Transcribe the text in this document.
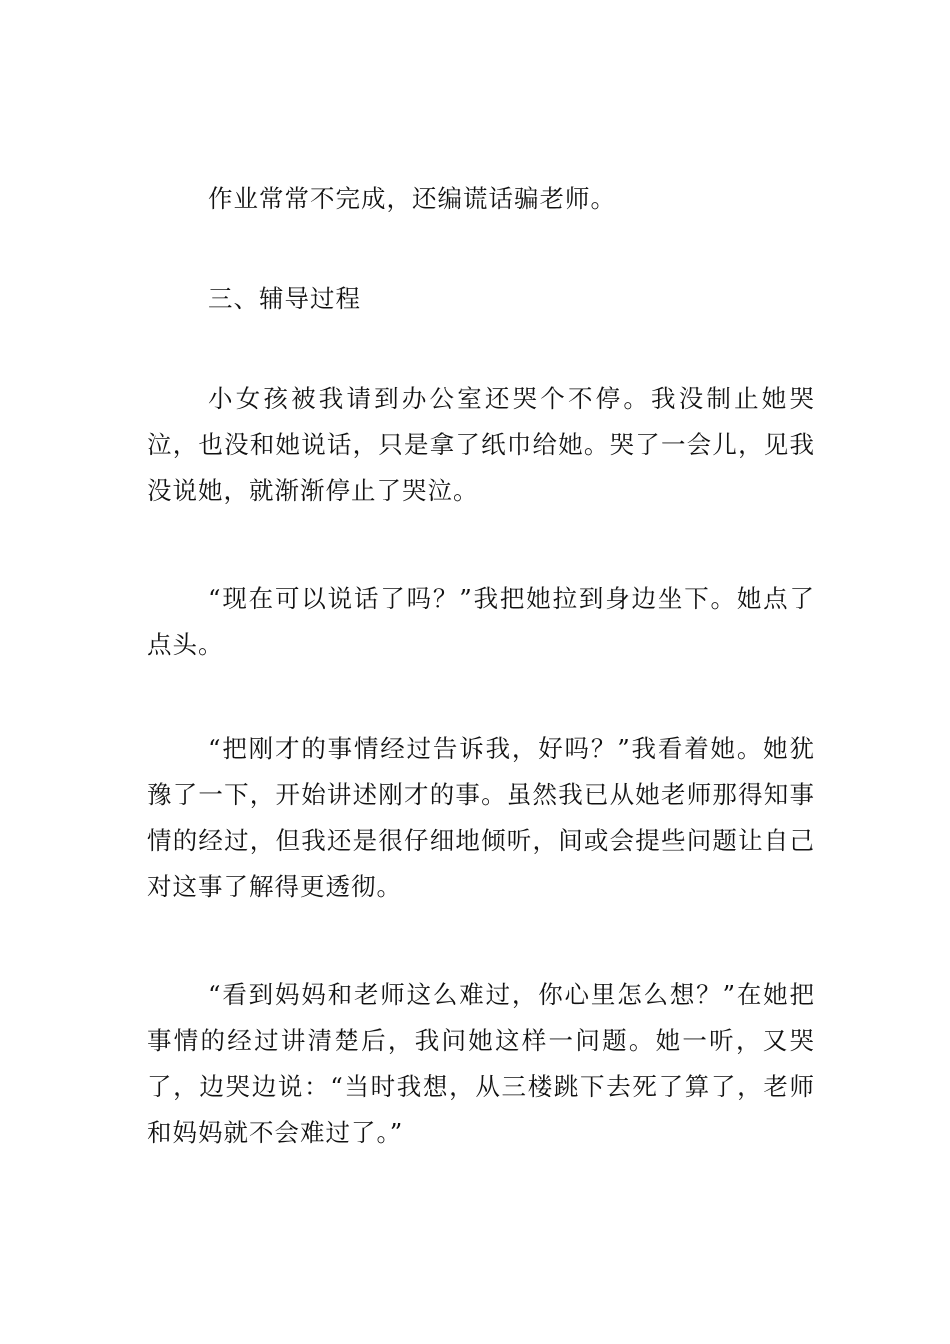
作业常常不完成，还编谎话骗老师。

三、辅导过程

小女孩被我请到办公室还哭个不停。我没制止她哭泣，也没和她说话，只是拿了纸巾给她。哭了一会儿，见我没说她，就渐渐停止了哭泣。

“现在可以说话了吗？”我把她拉到身边坐下。她点了点头。

“把刚才的事情经过告诉我，好吗？”我看着她。她犹豫了一下，开始讲述刚才的事。虽然我已从她老师那得知事情的经过，但我还是很仔细地倾听，间或会提些问题让自己对这事了解得更透彻。

“看到妈妈和老师这么难过，你心里怎么想？”在她把事情的经过讲清楚后，我问她这样一问题。她一听，又哭了，边哭边说：“当时我想，从三楼跳下去死了算了，老师和妈妈就不会难过了。”
